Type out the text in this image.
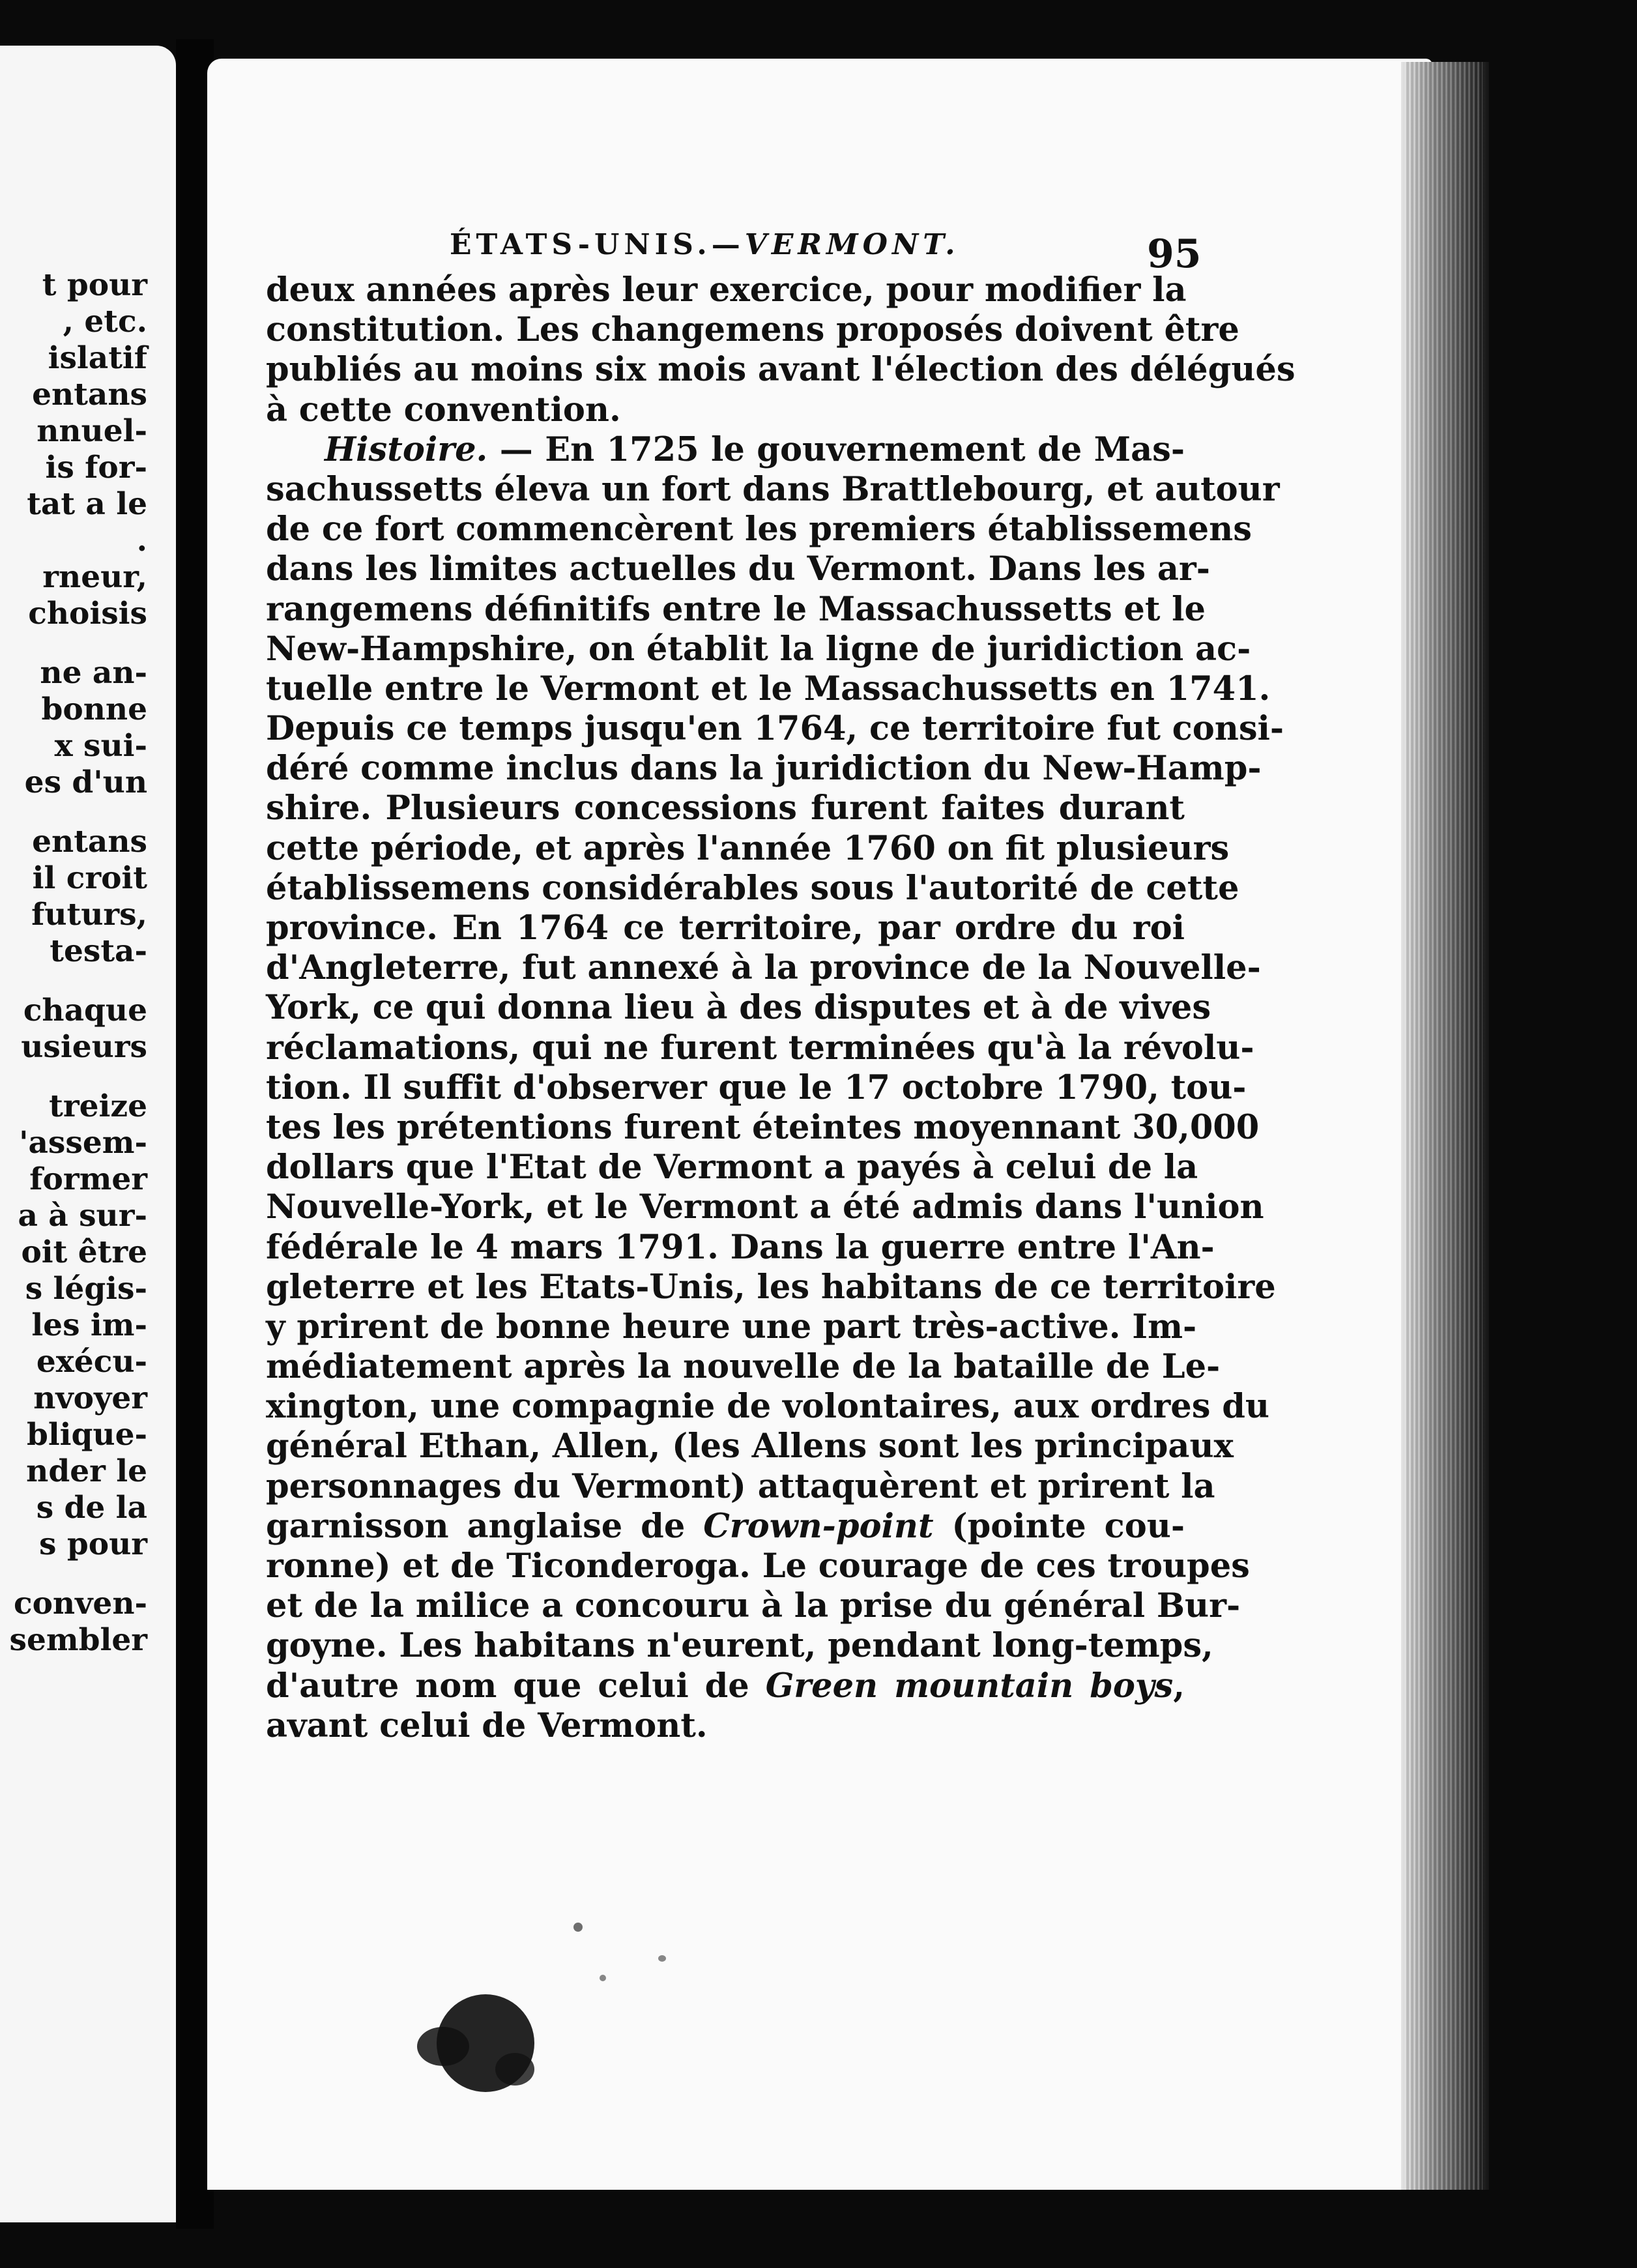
t pour
, etc.
islatif
entans
nnuel-
is for-
tat a le
.
rneur,
choisis
ne an-
bonne
x sui-
es d'un
entans
il croit
futurs,
testa-
chaque
usieurs
treize
'assem-
former
a à sur-
oit être
s légis-
les im-
exécu-
nvoyer
blique-
nder le
s de la
s pour
conven-
sembler
ÉTATS-UNIS.—VERMONT.	95
deux années après leur exercice, pour modifier la
constitution. Les changemens proposés doivent être
publiés au moins six mois avant l'élection des délégués
à cette convention.
Histoire. — En 1725 le gouvernement de Mas-
sachussetts éleva un fort dans Brattlebourg, et autour
de ce fort commencèrent les premiers établissemens
dans les limites actuelles du Vermont. Dans les ar-
rangemens définitifs entre le Massachussetts et le
New-Hampshire, on établit la ligne de juridiction ac-
tuelle entre le Vermont et le Massachussetts en 1741.
Depuis ce temps jusqu'en 1764, ce territoire fut consi-
déré comme inclus dans la juridiction du New-Hamp-
shire. Plusieurs concessions furent faites durant
cette période, et après l'année 1760 on fit plusieurs
établissemens considérables sous l'autorité de cette
province. En 1764 ce territoire, par ordre du roi
d'Angleterre, fut annexé à la province de la Nouvelle-
York, ce qui donna lieu à des disputes et à de vives
réclamations, qui ne furent terminées qu'à la révolu-
tion. Il suffit d'observer que le 17 octobre 1790, tou-
tes les prétentions furent éteintes moyennant 30,000
dollars que l'Etat de Vermont a payés à celui de la
Nouvelle-York, et le Vermont a été admis dans l'union
fédérale le 4 mars 1791. Dans la guerre entre l'An-
gleterre et les Etats-Unis, les habitans de ce territoire
y prirent de bonne heure une part très-active. Im-
médiatement après la nouvelle de la bataille de Le-
xington, une compagnie de volontaires, aux ordres du
général Ethan, Allen, (les Allens sont les principaux
personnages du Vermont) attaquèrent et prirent la
garnisson anglaise de Crown-point (pointe cou-
ronne) et de Ticonderoga. Le courage de ces troupes
et de la milice a concouru à la prise du général Bur-
goyne. Les habitans n'eurent, pendant long-temps,
d'autre nom que celui de Green mountain boys,
avant celui de Vermont.
